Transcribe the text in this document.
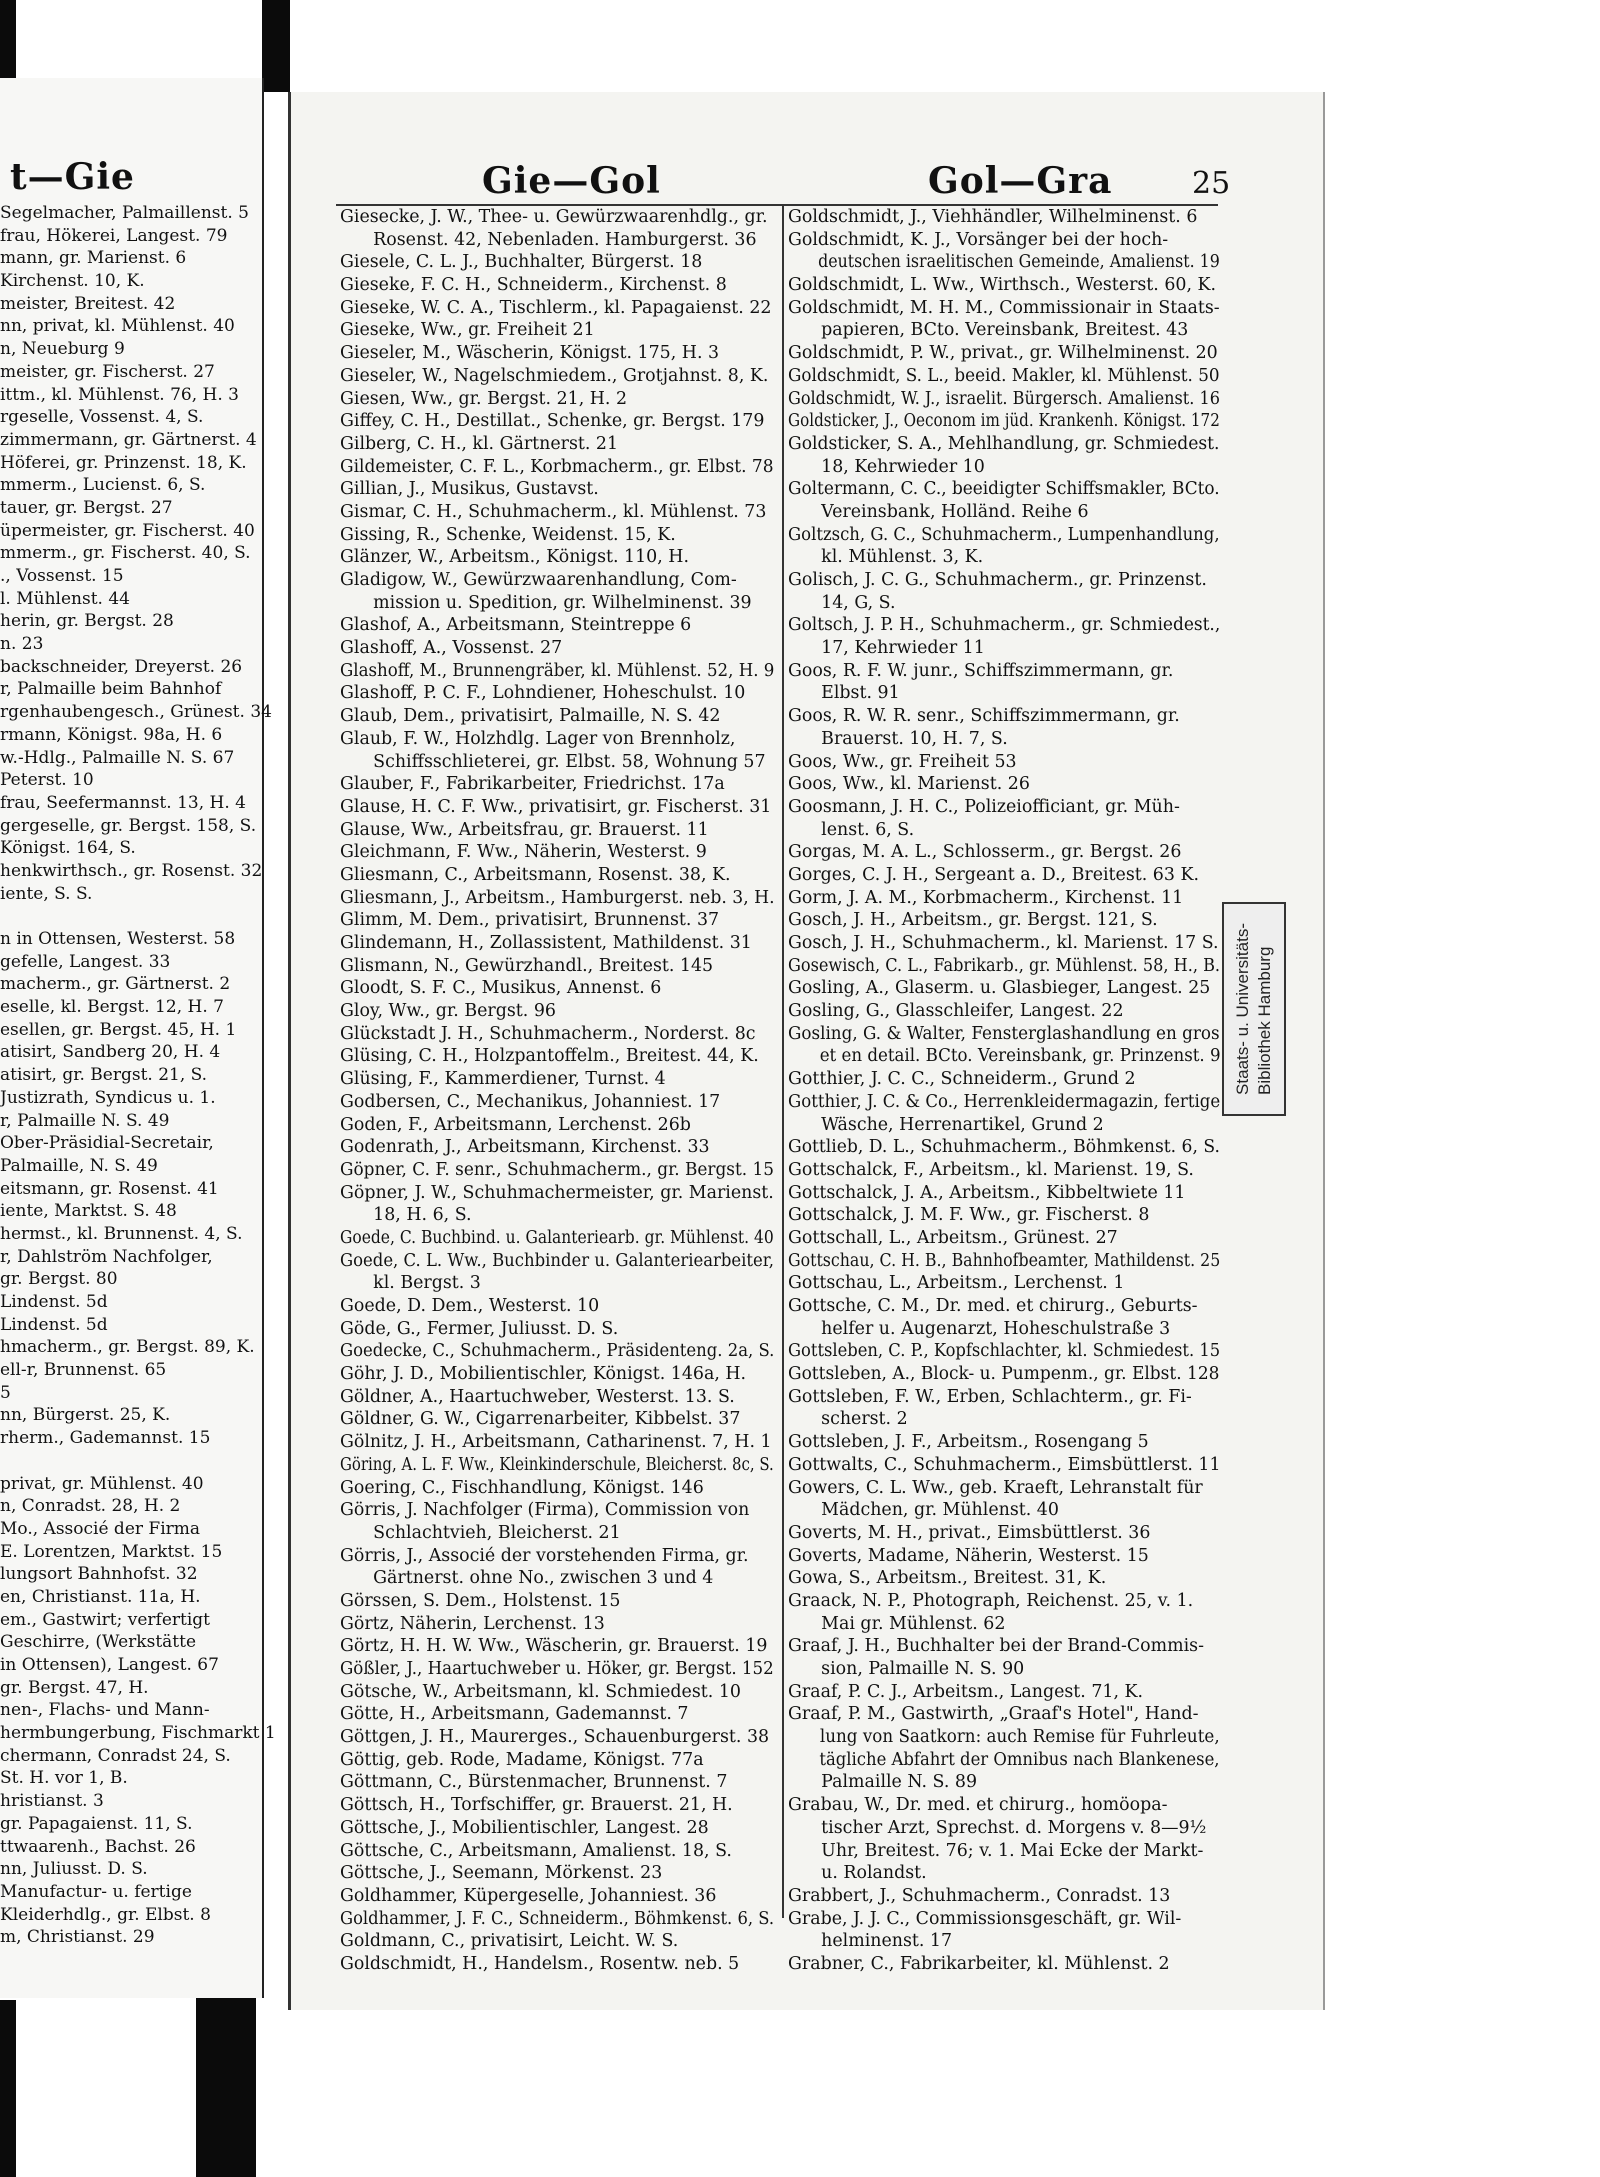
t—Gie
Segelmacher, Palmaillenst. 5
frau, Hökerei, Langest. 79
mann, gr. Marienst. 6
Kirchenst. 10, K.
meister, Breitest. 42
nn, privat, kl. Mühlenst. 40
n, Neueburg 9
meister, gr. Fischerst. 27
ittm., kl. Mühlenst. 76, H. 3
rgeselle, Vossenst. 4, S.
zimmermann, gr. Gärtnerst. 4
Höferei, gr. Prinzenst. 18, K.
mmerm., Lucienst. 6, S.
tauer, gr. Bergst. 27
üpermeister, gr. Fischerst. 40
mmerm., gr. Fischerst. 40, S.
., Vossenst. 15
l. Mühlenst. 44
herin, gr. Bergst. 28
n. 23
backschneider, Dreyerst. 26
r, Palmaille beim Bahnhof
rgenhaubengesch., Grünest. 34
rmann, Königst. 98a, H. 6
w.-Hdlg., Palmaille N. S. 67
Peterst. 10
frau, Seefermannst. 13, H. 4
gergeselle, gr. Bergst. 158, S.
Königst. 164, S.
henkwirthsch., gr. Rosenst. 32
iente, S. S.
n in Ottensen, Westerst. 58
gefelle, Langest. 33
macherm., gr. Gärtnerst. 2
eselle, kl. Bergst. 12, H. 7
esellen, gr. Bergst. 45, H. 1
atisirt, Sandberg 20, H. 4
atisirt, gr. Bergst. 21, S.
Justizrath, Syndicus u. 1.
r, Palmaille N. S. 49
Ober-Präsidial-Secretair,
Palmaille, N. S. 49
eitsmann, gr. Rosenst. 41
iente, Marktst. S. 48
hermst., kl. Brunnenst. 4, S.
r, Dahlström Nachfolger,
gr. Bergst. 80
Lindenst. 5d
Lindenst. 5d
hmacherm., gr. Bergst. 89, K.
ell-r, Brunnenst. 65
5
nn, Bürgerst. 25, K.
rherm., Gademannst. 15
privat, gr. Mühlenst. 40
n, Conradst. 28, H. 2
Mo., Associé der Firma
E. Lorentzen, Marktst. 15
lungsort Bahnhofst. 32
en, Christianst. 11a, H.
em., Gastwirt; verfertigt
Geschirre, (Werkstätte
in Ottensen), Langest. 67
gr. Bergst. 47, H.
nen-, Flachs- und Mann-
hermbungerbung, Fischmarkt 1
chermann, Conradst 24, S.
St. H. vor 1, B.
hristianst. 3
gr. Papagaienst. 11, S.
ttwaarenh., Bachst. 26
nn, Juliusst. D. S.
Manufactur- u. fertige
Kleiderhdlg., gr. Elbst. 8
m, Christianst. 29
Gie—Gol	Gol—Gra	25
Giesecke, J. W., Thee- u. Gewürzwaarenhdlg., gr.
Rosenst. 42, Nebenladen. Hamburgerst. 36
Giesele, C. L. J., Buchhalter, Bürgerst. 18
Gieseke, F. C. H., Schneiderm., Kirchenst. 8
Gieseke, W. C. A., Tischlerm., kl. Papagaienst. 22
Gieseke, Ww., gr. Freiheit 21
Gieseler, M., Wäscherin, Königst. 175, H. 3
Gieseler, W., Nagelschmiedem., Grotjahnst. 8, K.
Giesen, Ww., gr. Bergst. 21, H. 2
Giffey, C. H., Destillat., Schenke, gr. Bergst. 179
Gilberg, C. H., kl. Gärtnerst. 21
Gildemeister, C. F. L., Korbmacherm., gr. Elbst. 78
Gillian, J., Musikus, Gustavst.
Gismar, C. H., Schuhmacherm., kl. Mühlenst. 73
Gissing, R., Schenke, Weidenst. 15, K.
Glänzer, W., Arbeitsm., Königst. 110, H.
Gladigow, W., Gewürzwaarenhandlung, Com-
mission u. Spedition, gr. Wilhelminenst. 39
Glashof, A., Arbeitsmann, Steintreppe 6
Glashoff, A., Vossenst. 27
Glashoff, M., Brunnengräber, kl. Mühlenst. 52, H. 9
Glashoff, P. C. F., Lohndiener, Hoheschulst. 10
Glaub, Dem., privatisirt, Palmaille, N. S. 42
Glaub, F. W., Holzhdlg. Lager von Brennholz,
Schiffsschlieterei, gr. Elbst. 58, Wohnung 57
Glauber, F., Fabrikarbeiter, Friedrichst. 17a
Glause, H. C. F. Ww., privatisirt, gr. Fischerst. 31
Glause, Ww., Arbeitsfrau, gr. Brauerst. 11
Gleichmann, F. Ww., Näherin, Westerst. 9
Gliesmann, C., Arbeitsmann, Rosenst. 38, K.
Gliesmann, J., Arbeitsm., Hamburgerst. neb. 3, H.
Glimm, M. Dem., privatisirt, Brunnenst. 37
Glindemann, H., Zollassistent, Mathildenst. 31
Glismann, N., Gewürzhandl., Breitest. 145
Gloodt, S. F. C., Musikus, Annenst. 6
Gloy, Ww., gr. Bergst. 96
Glückstadt J. H., Schuhmacherm., Norderst. 8c
Glüsing, C. H., Holzpantoffelm., Breitest. 44, K.
Glüsing, F., Kammerdiener, Turnst. 4
Godbersen, C., Mechanikus, Johanniest. 17
Goden, F., Arbeitsmann, Lerchenst. 26b
Godenrath, J., Arbeitsmann, Kirchenst. 33
Göpner, C. F. senr., Schuhmacherm., gr. Bergst. 15
Göpner, J. W., Schuhmachermeister, gr. Marienst.
18, H. 6, S.
Goede, C. Buchbind. u. Galanteriearb. gr. Mühlenst. 40
Goede, C. L. Ww., Buchbinder u. Galanteriearbeiter,
kl. Bergst. 3
Goede, D. Dem., Westerst. 10
Göde, G., Fermer, Juliusst. D. S.
Goedecke, C., Schuhmacherm., Präsidenteng. 2a, S.
Göhr, J. D., Mobilientischler, Königst. 146a, H.
Göldner, A., Haartuchweber, Westerst. 13. S.
Göldner, G. W., Cigarrenarbeiter, Kibbelst. 37
Gölnitz, J. H., Arbeitsmann, Catharinenst. 7, H. 1
Göring, A. L. F. Ww., Kleinkinderschule, Bleicherst. 8c, S.
Goering, C., Fischhandlung, Königst. 146
Görris, J. Nachfolger (Firma), Commission von
Schlachtvieh, Bleicherst. 21
Görris, J., Associé der vorstehenden Firma, gr.
Gärtnerst. ohne No., zwischen 3 und 4
Görssen, S. Dem., Holstenst. 15
Görtz, Näherin, Lerchenst. 13
Görtz, H. H. W. Ww., Wäscherin, gr. Brauerst. 19
Gößler, J., Haartuchweber u. Höker, gr. Bergst. 152
Götsche, W., Arbeitsmann, kl. Schmiedest. 10
Götte, H., Arbeitsmann, Gademannst. 7
Göttgen, J. H., Maurerges., Schauenburgerst. 38
Göttig, geb. Rode, Madame, Königst. 77a
Göttmann, C., Bürstenmacher, Brunnenst. 7
Göttsch, H., Torfschiffer, gr. Brauerst. 21, H.
Göttsche, J., Mobilientischler, Langest. 28
Göttsche, C., Arbeitsmann, Amalienst. 18, S.
Göttsche, J., Seemann, Mörkenst. 23
Goldhammer, Küpergeselle, Johanniest. 36
Goldhammer, J. F. C., Schneiderm., Böhmkenst. 6, S.
Goldmann, C., privatisirt, Leicht. W. S.
Goldschmidt, H., Handelsm., Rosentw. neb. 5
Goldschmidt, J., Viehhändler, Wilhelminenst. 6
Goldschmidt, K. J., Vorsänger bei der hoch-
deutschen israelitischen Gemeinde, Amalienst. 19
Goldschmidt, L. Ww., Wirthsch., Westerst. 60, K.
Goldschmidt, M. H. M., Commissionair in Staats-
papieren, BCto. Vereinsbank, Breitest. 43
Goldschmidt, P. W., privat., gr. Wilhelminenst. 20
Goldschmidt, S. L., beeid. Makler, kl. Mühlenst. 50
Goldschmidt, W. J., israelit. Bürgersch. Amalienst. 16
Goldsticker, J., Oeconom im jüd. Krankenh. Königst. 172
Goldsticker, S. A., Mehlhandlung, gr. Schmiedest.
18, Kehrwieder 10
Goltermann, C. C., beeidigter Schiffsmakler, BCto.
Vereinsbank, Holländ. Reihe 6
Goltzsch, G. C., Schuhmacherm., Lumpenhandlung,
kl. Mühlenst. 3, K.
Golisch, J. C. G., Schuhmacherm., gr. Prinzenst.
14, G, S.
Goltsch, J. P. H., Schuhmacherm., gr. Schmiedest.,
17, Kehrwieder 11
Goos, R. F. W. junr., Schiffszimmermann, gr.
Elbst. 91
Goos, R. W. R. senr., Schiffszimmermann, gr.
Brauerst. 10, H. 7, S.
Goos, Ww., gr. Freiheit 53
Goos, Ww., kl. Marienst. 26
Goosmann, J. H. C., Polizeiofficiant, gr. Müh-
lenst. 6, S.
Gorgas, M. A. L., Schlosserm., gr. Bergst. 26
Gorges, C. J. H., Sergeant a. D., Breitest. 63 K.
Gorm, J. A. M., Korbmacherm., Kirchenst. 11
Gosch, J. H., Arbeitsm., gr. Bergst. 121, S.
Gosch, J. H., Schuhmacherm., kl. Marienst. 17 S.
Gosewisch, C. L., Fabrikarb., gr. Mühlenst. 58, H., B.
Gosling, A., Glaserm. u. Glasbieger, Langest. 25
Gosling, G., Glasschleifer, Langest. 22
Gosling, G. & Walter, Fensterglashandlung en gros
et en detail. BCto. Vereinsbank, gr. Prinzenst. 9
Gotthier, J. C. C., Schneiderm., Grund 2
Gotthier, J. C. & Co., Herrenkleidermagazin, fertige
Wäsche, Herrenartikel, Grund 2
Gottlieb, D. L., Schuhmacherm., Böhmkenst. 6, S.
Gottschalck, F., Arbeitsm., kl. Marienst. 19, S.
Gottschalck, J. A., Arbeitsm., Kibbeltwiete 11
Gottschalck, J. M. F. Ww., gr. Fischerst. 8
Gottschall, L., Arbeitsm., Grünest. 27
Gottschau, C. H. B., Bahnhofbeamter, Mathildenst. 25
Gottschau, L., Arbeitsm., Lerchenst. 1
Gottsche, C. M., Dr. med. et chirurg., Geburts-
helfer u. Augenarzt, Hoheschulstraße 3
Gottsleben, C. P., Kopfschlachter, kl. Schmiedest. 15
Gottsleben, A., Block- u. Pumpenm., gr. Elbst. 128
Gottsleben, F. W., Erben, Schlachterm., gr. Fi-
scherst. 2
Gottsleben, J. F., Arbeitsm., Rosengang 5
Gottwalts, C., Schuhmacherm., Eimsbüttlerst. 11
Gowers, C. L. Ww., geb. Kraeft, Lehranstalt für
Mädchen, gr. Mühlenst. 40
Goverts, M. H., privat., Eimsbüttlerst. 36
Goverts, Madame, Näherin, Westerst. 15
Gowa, S., Arbeitsm., Breitest. 31, K.
Graack, N. P., Photograph, Reichenst. 25, v. 1.
Mai gr. Mühlenst. 62
Graaf, J. H., Buchhalter bei der Brand-Commis-
sion, Palmaille N. S. 90
Graaf, P. C. J., Arbeitsm., Langest. 71, K.
Graaf, P. M., Gastwirth, „Graaf's Hotel", Hand-
lung von Saatkorn: auch Remise für Fuhrleute,
tägliche Abfahrt der Omnibus nach Blankenese,
Palmaille N. S. 89
Grabau, W., Dr. med. et chirurg., homöopa-
tischer Arzt, Sprechst. d. Morgens v. 8—9½
Uhr, Breitest. 76; v. 1. Mai Ecke der Markt-
u. Rolandst.
Grabbert, J., Schuhmacherm., Conradst. 13
Grabe, J. J. C., Commissionsgeschäft, gr. Wil-
helminenst. 17
Grabner, C., Fabrikarbeiter, kl. Mühlenst. 2
Staats- u. Universitäts- Bibliothek Hamburg
